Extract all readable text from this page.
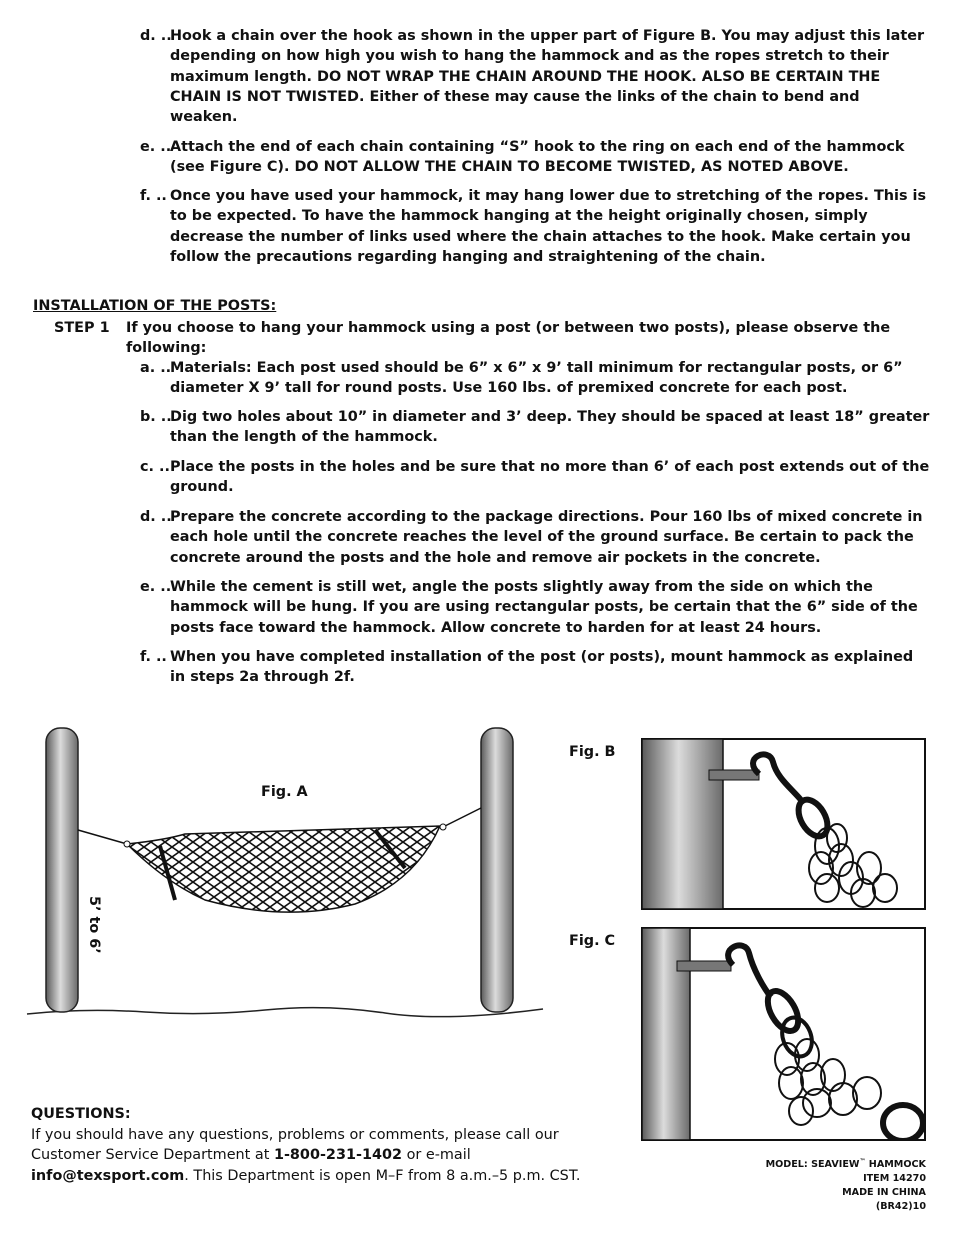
d. ..
Hook a chain over the hook as shown in the upper part of Figure B. You may adjust this later depending on how high you wish to hang the hammock and as the ropes stretch to their maximum length. DO NOT WRAP THE CHAIN AROUND THE HOOK. ALSO BE CERTAIN THE CHAIN IS NOT TWISTED. Either of these may cause the links of the chain to bend and weaken.
e. ..
Attach the end of each chain containing “S” hook to the ring on each end of the hammock (see Figure C). DO NOT ALLOW THE CHAIN TO BECOME TWISTED, AS NOTED ABOVE.
f. .. Once you have used your hammock, it may hang lower due to stretching of the ropes. This is to be expected. To have the hammock hanging at the height originally chosen, simply decrease the number of links used where the chain attaches to the hook. Make certain you follow the precautions regarding hanging and straightening of the chain.
INSTALLATION OF THE POSTS:
STEP 1 If you choose to hang your hammock using a post (or between two posts), please observe the following:
a. ..
Materials: Each post used should be 6” x 6” x 9’ tall minimum for rectangular posts, or 6” diameter X 9’ tall for round posts. Use 160 lbs. of premixed concrete for each post.
b. ..
Dig two holes about 10” in diameter and 3’ deep. They should be spaced at least 18” greater than the length of the hammock.
c. .. Place the posts in the holes and be sure that no more than 6’ of each post extends out of the ground.
d. ..
Prepare the concrete according to the package directions. Pour 160 lbs of mixed concrete in each hole until the concrete reaches the level of the ground surface. Be certain to pack the concrete around the posts and the hole and remove air pockets in the concrete.
e. ..
While the cement is still wet, angle the posts slightly away from the side on which the hammock will be hung. If you are using rectangular posts, be certain that the 6” side of the posts face toward the hammock. Allow concrete to harden for at least 24 hours.
f. .. When you have completed installation of the post (or posts), mount hammock as explained in steps 2a through 2f.
Fig. A
5’ to 6’
Fig. B
Fig. C
QUESTIONS:
If you should have any questions, problems or comments, please call our Customer Service Department at 1-800-231-1402 or e-mail info@texsport.com. This Department is open M–F from 8 a.m.–5 p.m. CST.
MODEL: SEAVIEW™ HAMMOCK
ITEM 14270
MADE IN CHINA
(BR42)10
